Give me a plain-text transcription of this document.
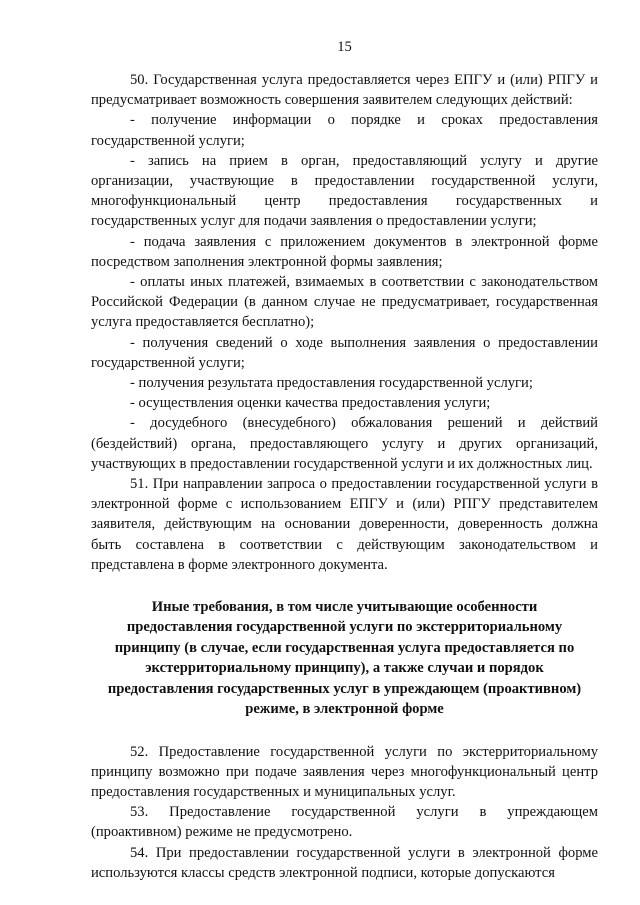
15

50. Государственная услуга предоставляется через ЕПГУ и (или) РПГУ и предусматривает возможность совершения заявителем следующих действий:

- получение информации о порядке и сроках предоставления государственной услуги;

- запись на прием в орган, предоставляющий услугу и другие организации, участвующие в предоставлении государственной услуги, многофункциональный центр предоставления государственных и государственных услуг для подачи заявления о предоставлении услуги;

- подача заявления с приложением документов в электронной форме посредством заполнения электронной формы заявления;

- оплаты иных платежей, взимаемых в соответствии с законодательством Российской Федерации (в данном случае не предусматривает, государственная услуга предоставляется бесплатно);

- получения сведений о ходе выполнения заявления о предоставлении государственной услуги;

- получения результата предоставления государственной услуги;

- осуществления оценки качества предоставления услуги;

- досудебного (внесудебного) обжалования решений и действий (бездействий) органа, предоставляющего услугу и других организаций, участвующих в предоставлении государственной услуги и их должностных лиц.

51. При направлении запроса о предоставлении государственной услуги в электронной форме с использованием ЕПГУ и (или) РПГУ представителем заявителя, действующим на основании доверенности, доверенность должна быть составлена в соответствии с действующим законодательством и представлена в форме электронного документа.

Иные требования, в том числе учитывающие особенности предоставления государственной услуги по экстерриториальному принципу (в случае, если государственная услуга предоставляется по экстерриториальному принципу), а также случаи и порядок предоставления государственных услуг в упреждающем (проактивном) режиме, в электронной форме

52. Предоставление государственной услуги по экстерриториальному принципу возможно при подаче заявления через многофункциональный центр предоставления государственных и муниципальных услуг.

53. Предоставление государственной услуги в упреждающем (проактивном) режиме не предусмотрено.

54. При предоставлении государственной услуги в электронной форме используются классы средств электронной подписи, которые допускаются
